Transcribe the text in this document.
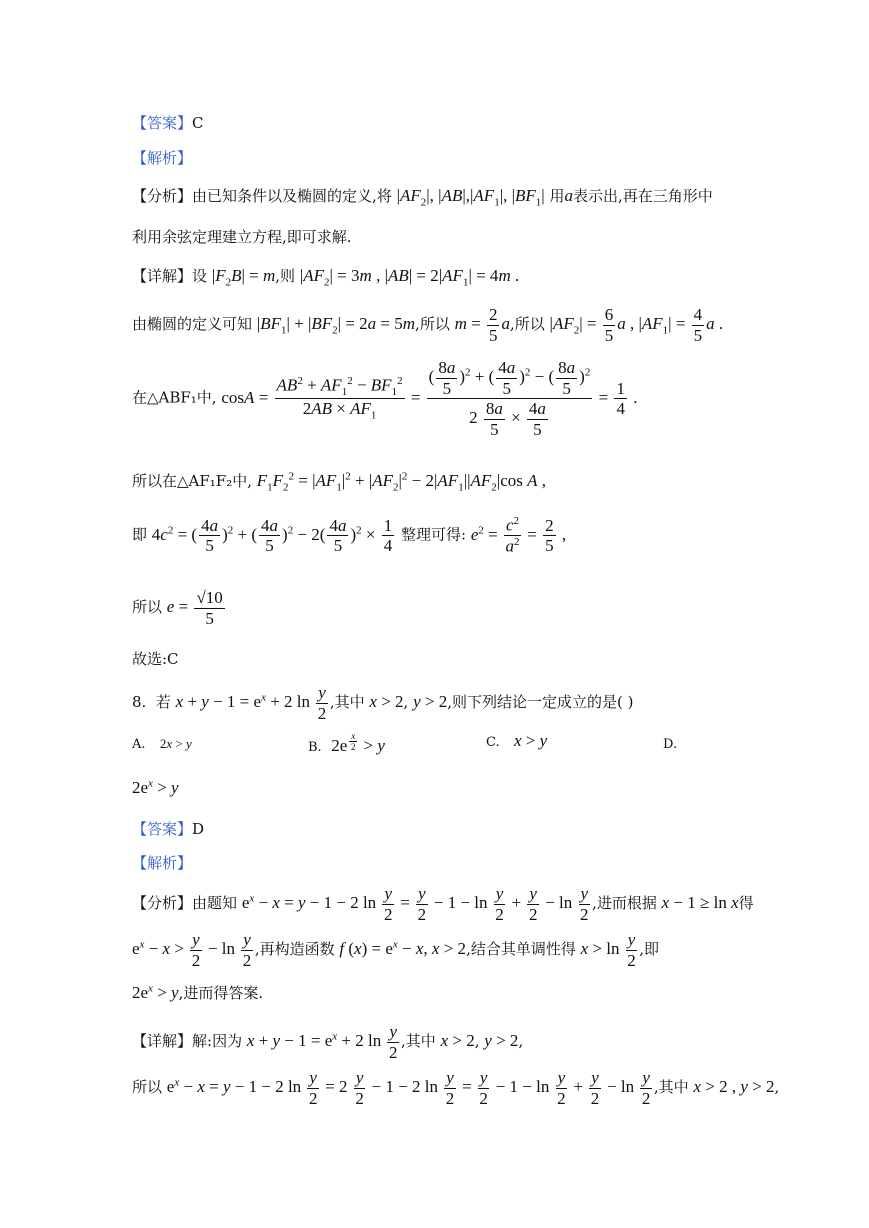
【答案】C
【解析】
【分析】由已知条件以及椭圆的定义,将 $|AF_2|$, $|AB|,|AF_1|$, $|BF_1|$ 用a表示出,再在三角形中
利用余弦定理建立方程,即可求解.
【详解】设 $|F_2B| = m$,则 $|AF_2| = 3m$ , $|AB| = 2|AF_1| = 4m$ .
由椭圆的定义可知 $|BF_1| + |BF_2| = 2a = 5m$,所以 $m = \frac{2}{5} a$,所以 $|AF_2| = \frac{6}{5}$ a , $|AF_1| = \frac{4}{5}$ a .
在△ABF₁中, $\cos A = \frac{AB^2 + AF_1^2 - BF_1^2}{2AB \times AF_1} = \frac{( \frac{8a}{5} )^2 + ( \frac{4a}{5} )^2 - ( \frac{8a}{5} )^2}{2 \frac{8a}{5} \times \frac{4a}{5}} = \frac{1}{4}$ .
所以在△AF₁F₂中, $F_1F_2^2 = |AF_1|^2 + |AF_2|^2 - 2|AF_1||AF_2|\cos$ A ,
即 $4c^2$ = ( $\frac{4a}{5} )^2$ + ( $\frac{4a}{5} )^2 - 2( \frac{4a}{5} )^2 \times \frac{1}{4}$ 整理可得: $e^2 = \frac{c^2}{a^2} = \frac{2}{5}$ ,
所以 $e = \frac{√10}{5}$
故选:C
8. 若 $x + y - 1 = e^x + 2$ $\ln \frac{y}{2}$ ,其中 x > 2, y > 2,则下列结论一定成立的是( )
A. 2x > y	B. 2e $^{\frac{x}{2}}$ > y	C. x > y	D.
$2e^x > y$
【答案】D
【解析】
【分析】由题知 $e^x - x = y - 1 - 2$ $\ln \frac{y}{2} = \frac{y}{2} - 1 - \ln \frac{y}{2} + \frac{y}{2} - \ln \frac{y}{2}$ ,进而根据 x − 1 ≥ ln x得
$e^x - x > \frac{y}{2} - \ln \frac{y}{2}$ ,再构造函数 f $(x) = e^x - x$, x > 2,结合其单调性得 $x > \ln \frac{y}{2}$ ,即
$2e^x > y$,进而得答案.
【详解】解:因为 $x + y - 1 = e^x + 2$ $\ln \frac{y}{2}$ ,其中 x > 2, y > 2,
所以 $e^x - x = y - 1 - 2$ $\ln \frac{y}{2} = 2 \frac{y}{2} - 1 - 2$ $\ln \frac{y}{2} = \frac{y}{2} - 1 - \ln \frac{y}{2} + \frac{y}{2} - \ln \frac{y}{2}$ ,其中 x > 2 , y > 2,
